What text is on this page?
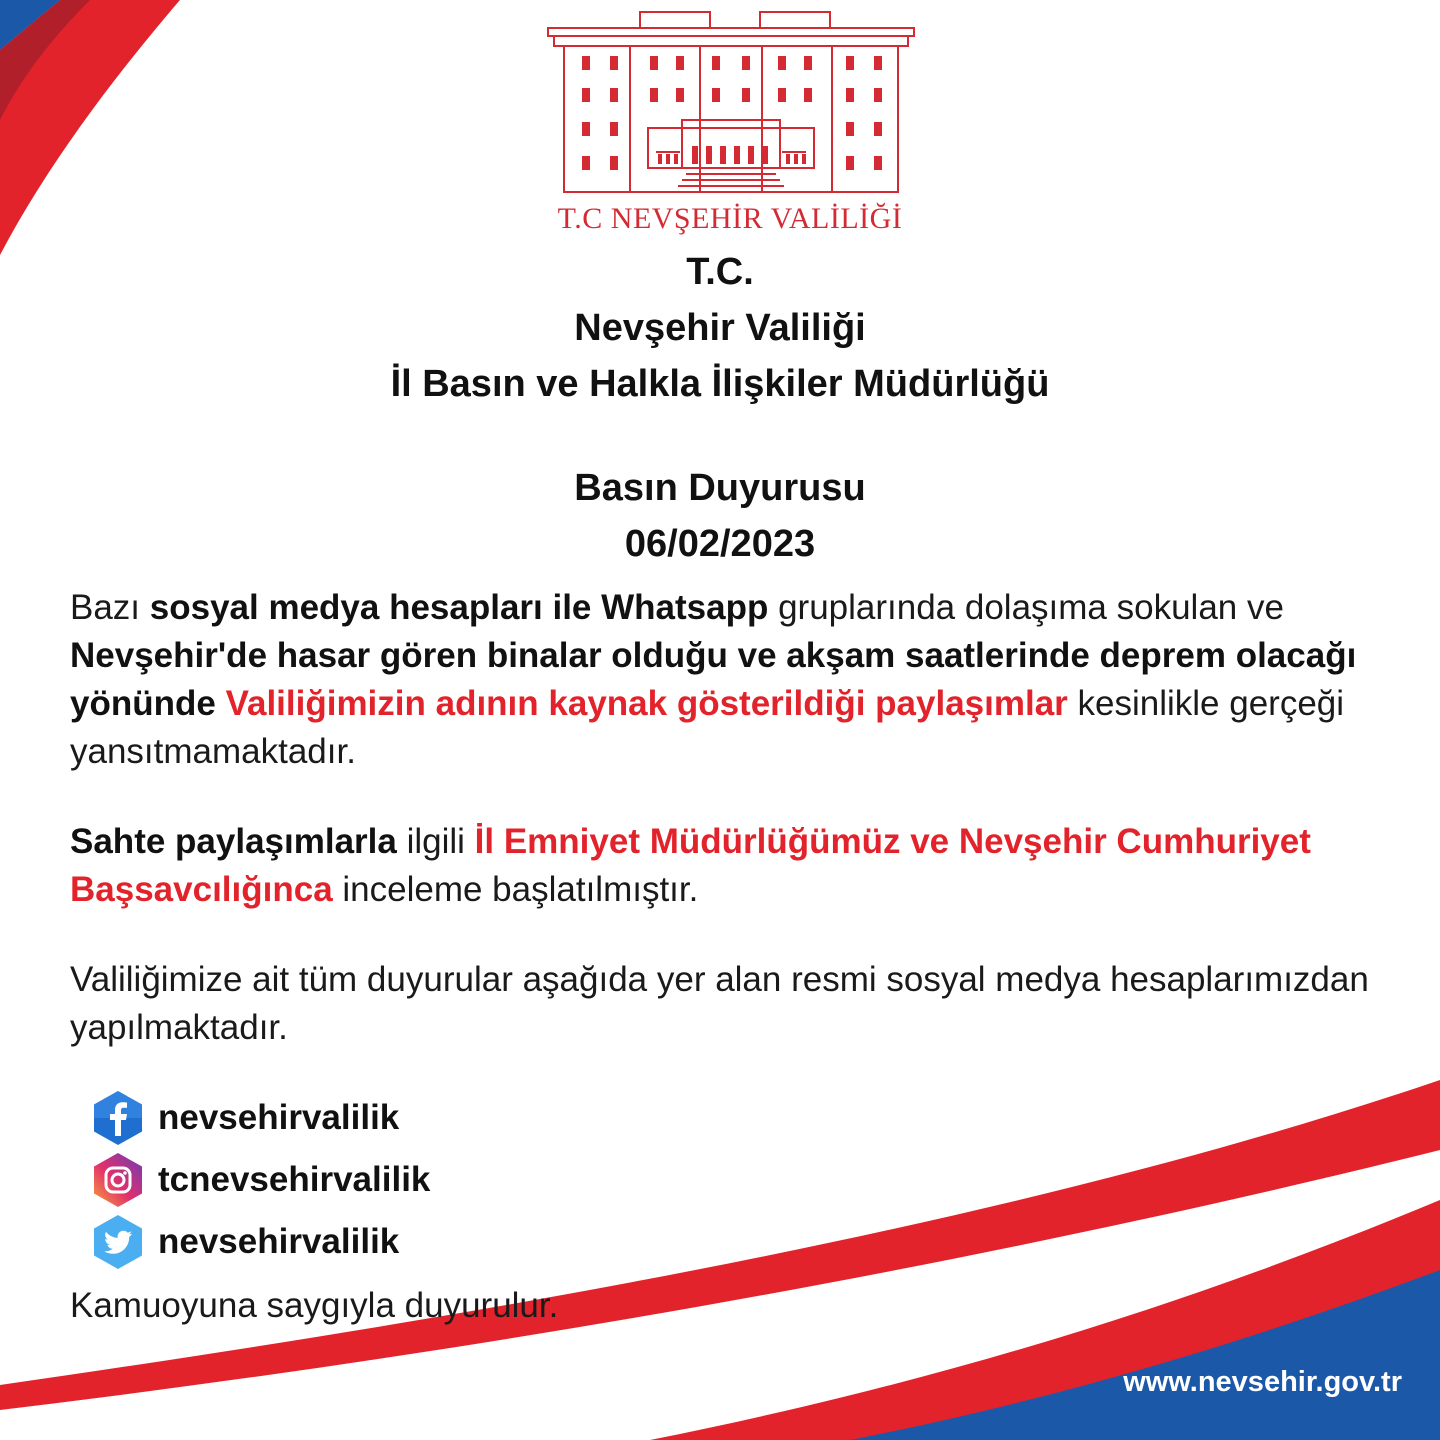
T.C NEVŞEHİR VALİLİĞİ
T.C.
Nevşehir Valiliği
İl Basın ve Halkla İlişkiler Müdürlüğü
Basın Duyurusu
06/02/2023

Bazı sosyal medya hesapları ile Whatsapp gruplarında dolaşıma sokulan ve Nevşehir'de hasar gören binalar olduğu ve akşam saatlerinde deprem olacağı yönünde Valiliğimizin adının kaynak gösterildiği paylaşımlar kesinlikle gerçeği yansıtmamaktadır.

Sahte paylaşımlarla ilgili İl Emniyet Müdürlüğümüz ve Nevşehir Cumhuriyet Başsavcılığınca inceleme başlatılmıştır.

Valiliğimize ait tüm duyurular aşağıda yer alan resmi sosyal medya hesaplarımızdan yapılmaktadır.

nevsehirvalilik
tcnevsehirvalilik
nevsehirvalilik

Kamuoyuna saygıyla duyurulur.

www.nevsehir.gov.tr
